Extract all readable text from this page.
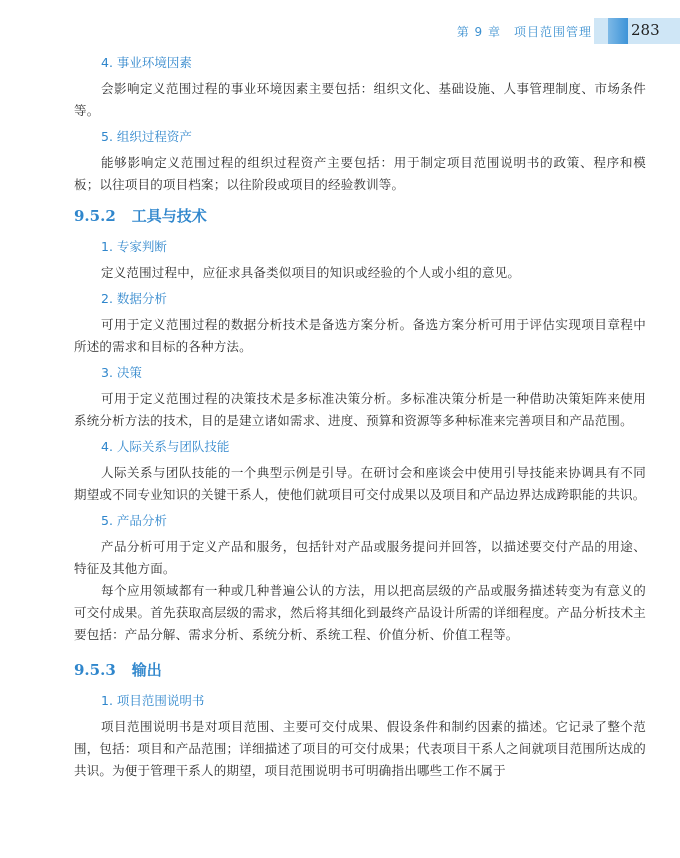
第 9 章　项目范围管理	283
4. 事业环境因素

会影响定义范围过程的事业环境因素主要包括：组织文化、基础设施、人事管理制度、市场条件等。

5. 组织过程资产

能够影响定义范围过程的组织过程资产主要包括：用于制定项目范围说明书的政策、程序和模板；以往项目的项目档案；以往阶段或项目的经验教训等。

9.5.2 工具与技术
1. 专家判断

定义范围过程中，应征求具备类似项目的知识或经验的个人或小组的意见。

2. 数据分析

可用于定义范围过程的数据分析技术是备选方案分析。备选方案分析可用于评估实现项目章程中所述的需求和目标的各种方法。

3. 决策

可用于定义范围过程的决策技术是多标准决策分析。多标准决策分析是一种借助决策矩阵来使用系统分析方法的技术，目的是建立诸如需求、进度、预算和资源等多种标准来完善项目和产品范围。

4. 人际关系与团队技能

人际关系与团队技能的一个典型示例是引导。在研讨会和座谈会中使用引导技能来协调具有不同期望或不同专业知识的关键干系人，使他们就项目可交付成果以及项目和产品边界达成跨职能的共识。

5. 产品分析

产品分析可用于定义产品和服务，包括针对产品或服务提问并回答，以描述要交付产品的用途、特征及其他方面。

每个应用领域都有一种或几种普遍公认的方法，用以把高层级的产品或服务描述转变为有意义的可交付成果。首先获取高层级的需求，然后将其细化到最终产品设计所需的详细程度。产品分析技术主要包括：产品分解、需求分析、系统分析、系统工程、价值分析、价值工程等。

9.5.3 输出
1. 项目范围说明书

项目范围说明书是对项目范围、主要可交付成果、假设条件和制约因素的描述。它记录了整个范围，包括：项目和产品范围；详细描述了项目的可交付成果；代表项目干系人之间就项目范围所达成的共识。为便于管理干系人的期望，项目范围说明书可明确指出哪些工作不属于
